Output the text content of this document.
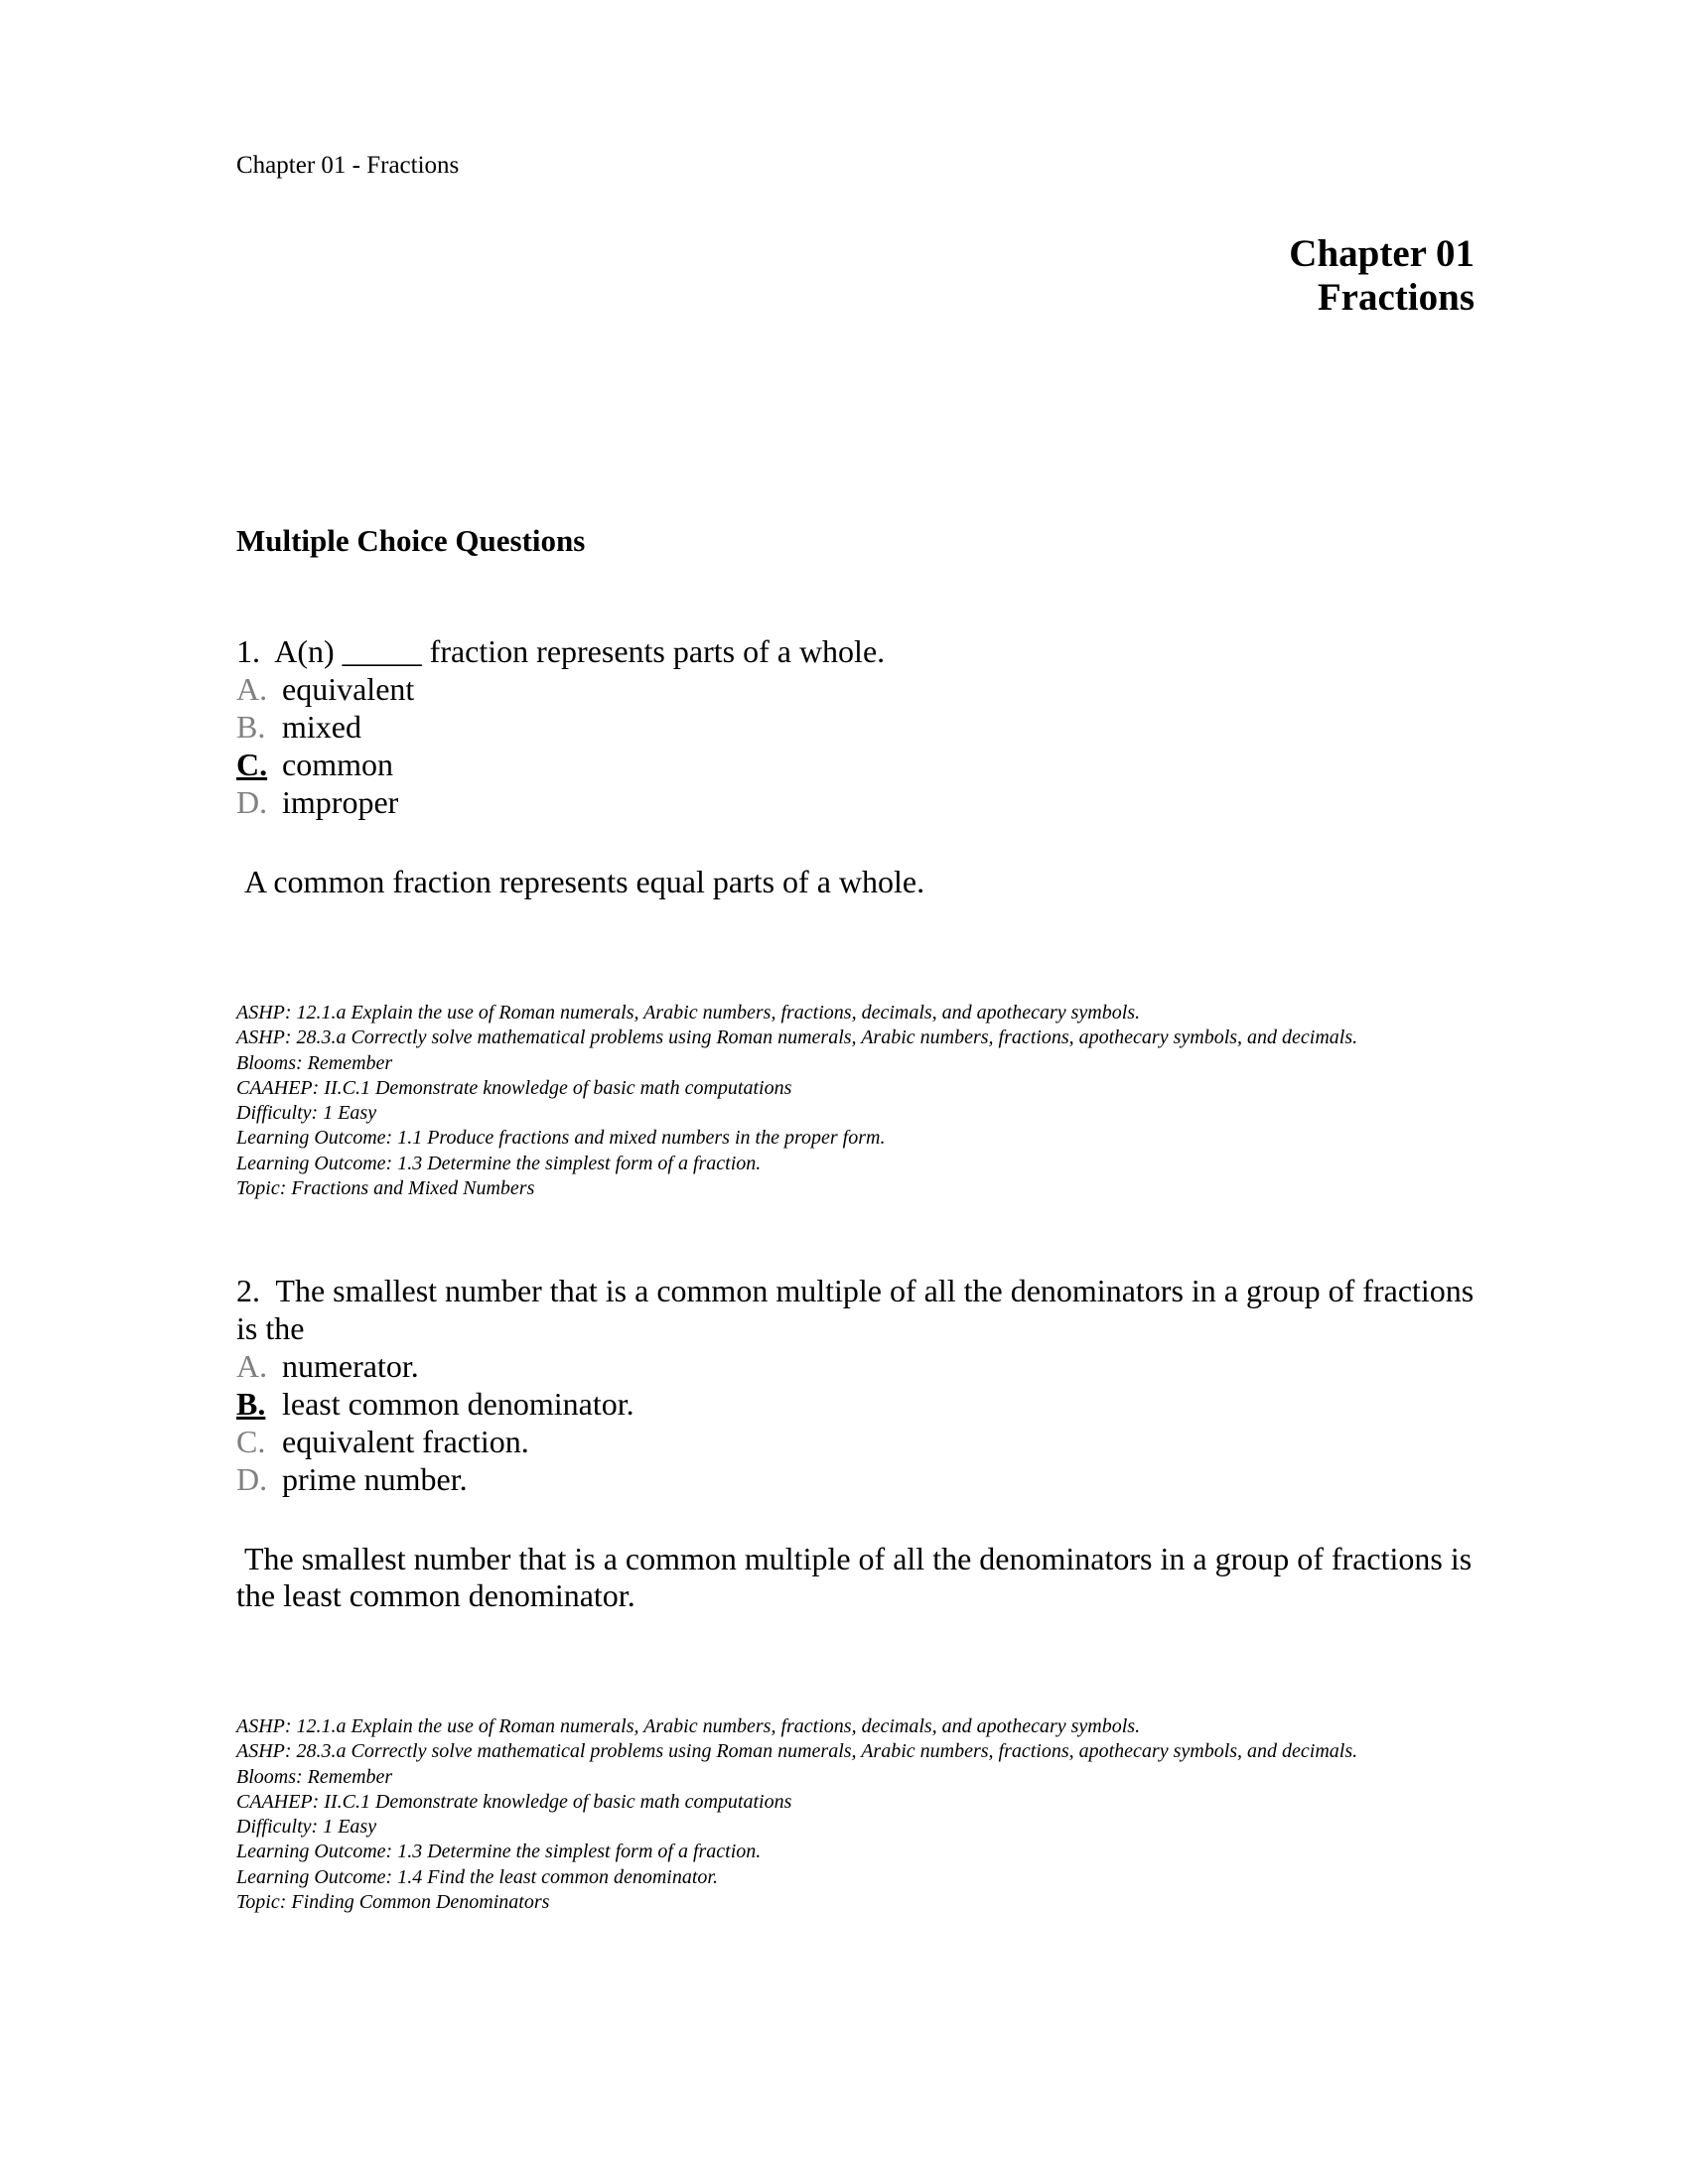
Chapter 01 - Fractions
Chapter 01
Fractions
Multiple Choice Questions
1. A(n) _____ fraction represents parts of a whole.
A. equivalent
B. mixed
C. common
D. improper
A common fraction represents equal parts of a whole.
ASHP: 12.1.a Explain the use of Roman numerals, Arabic numbers, fractions, decimals, and apothecary symbols.
ASHP: 28.3.a Correctly solve mathematical problems using Roman numerals, Arabic numbers, fractions, apothecary symbols, and decimals.
Blooms: Remember
CAAHEP: II.C.1 Demonstrate knowledge of basic math computations
Difficulty: 1 Easy
Learning Outcome: 1.1 Produce fractions and mixed numbers in the proper form.
Learning Outcome: 1.3 Determine the simplest form of a fraction.
Topic: Fractions and Mixed Numbers
2. The smallest number that is a common multiple of all the denominators in a group of fractions is the
A. numerator.
B. least common denominator.
C. equivalent fraction.
D. prime number.
The smallest number that is a common multiple of all the denominators in a group of fractions is the least common denominator.
ASHP: 12.1.a Explain the use of Roman numerals, Arabic numbers, fractions, decimals, and apothecary symbols.
ASHP: 28.3.a Correctly solve mathematical problems using Roman numerals, Arabic numbers, fractions, apothecary symbols, and decimals.
Blooms: Remember
CAAHEP: II.C.1 Demonstrate knowledge of basic math computations
Difficulty: 1 Easy
Learning Outcome: 1.3 Determine the simplest form of a fraction.
Learning Outcome: 1.4 Find the least common denominator.
Topic: Finding Common Denominators
